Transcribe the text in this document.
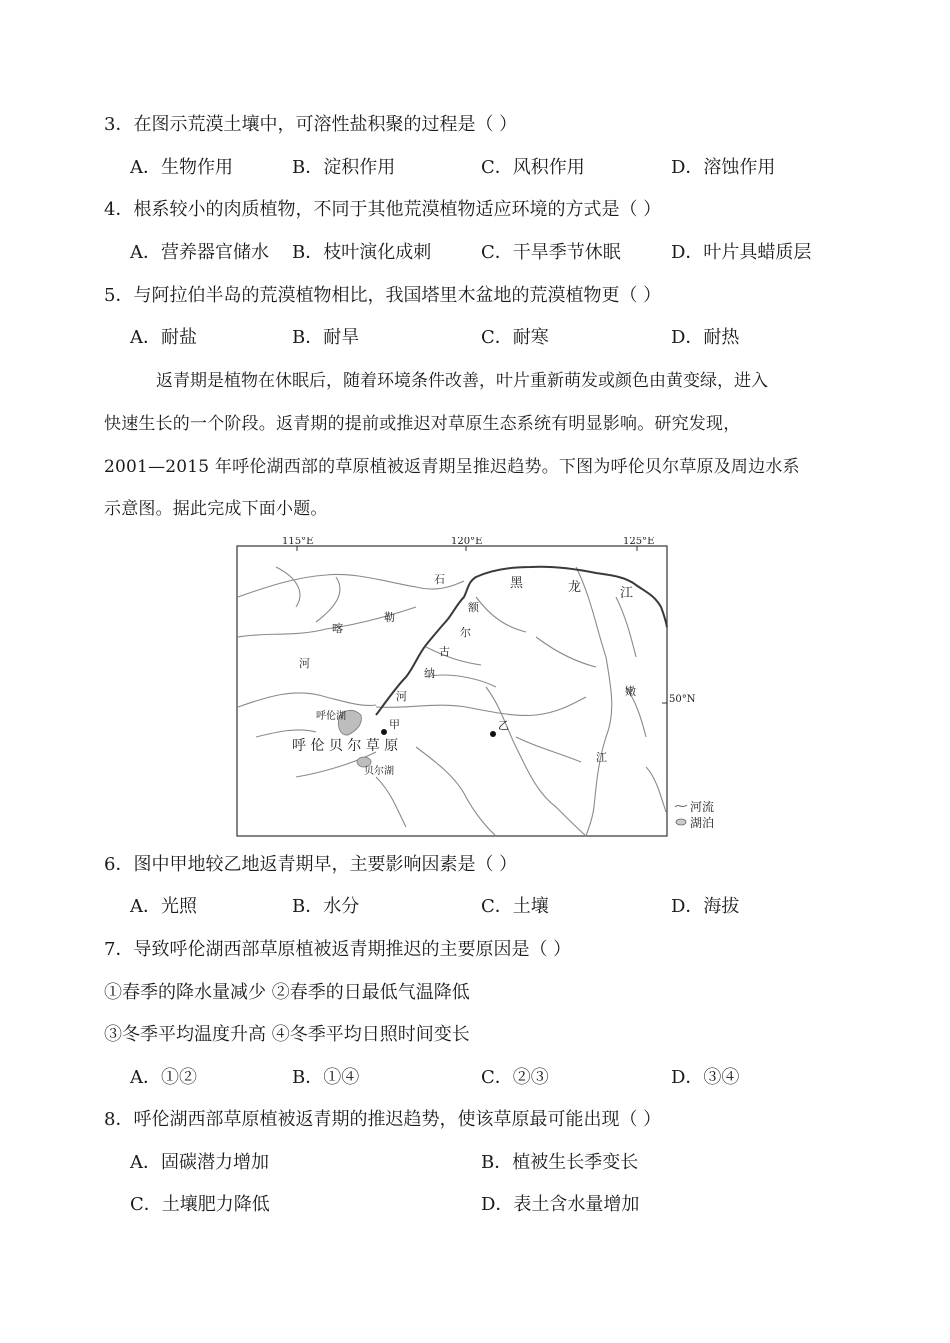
3．在图示荒漠土壤中，可溶性盐积聚的过程是（ ）
A．生物作用	B．淀积作用	C．风积作用	D．溶蚀作用
4．根系较小的肉质植物，不同于其他荒漠植物适应环境的方式是（ ）
A．营养器官储水 B．枝叶演化成刺	C．干旱季节休眠	D．叶片具蜡质层
5．与阿拉伯半岛的荒漠植物相比，我国塔里木盆地的荒漠植物更（ ）
A．耐盐	B．耐旱	C．耐寒	D．耐热
返青期是植物在休眠后，随着环境条件改善，叶片重新萌发或颜色由黄变绿，进入
快速生长的一个阶段。返青期的提前或推迟对草原生态系统有明显影响。研究发现，
2001—2015 年呼伦湖西部的草原植被返青期呈推迟趋势。下图为呼伦贝尔草原及周边水系
示意图。据此完成下面小题。
115°E	120°E	125°E
石
勒
喀
河
黑	龙	江
额
尔
古
纳
河	嫩
江
呼伦湖
甲	乙
呼 伦 贝 尔 草 原
贝尔湖
50°N
河流
湖泊
6．图中甲地较乙地返青期早，主要影响因素是（ ）
A．光照	B．水分	C．土壤	D．海拔
7．导致呼伦湖西部草原植被返青期推迟的主要原因是（ ）
①春季的降水量减少 ②春季的日最低气温降低
③冬季平均温度升高 ④冬季平均日照时间变长
A．①②	B．①④	C．②③	D．③④
8．呼伦湖西部草原植被返青期的推迟趋势，使该草原最可能出现（ ）
A．固碳潜力增加	B．植被生长季变长
C．土壤肥力降低	D．表土含水量增加
